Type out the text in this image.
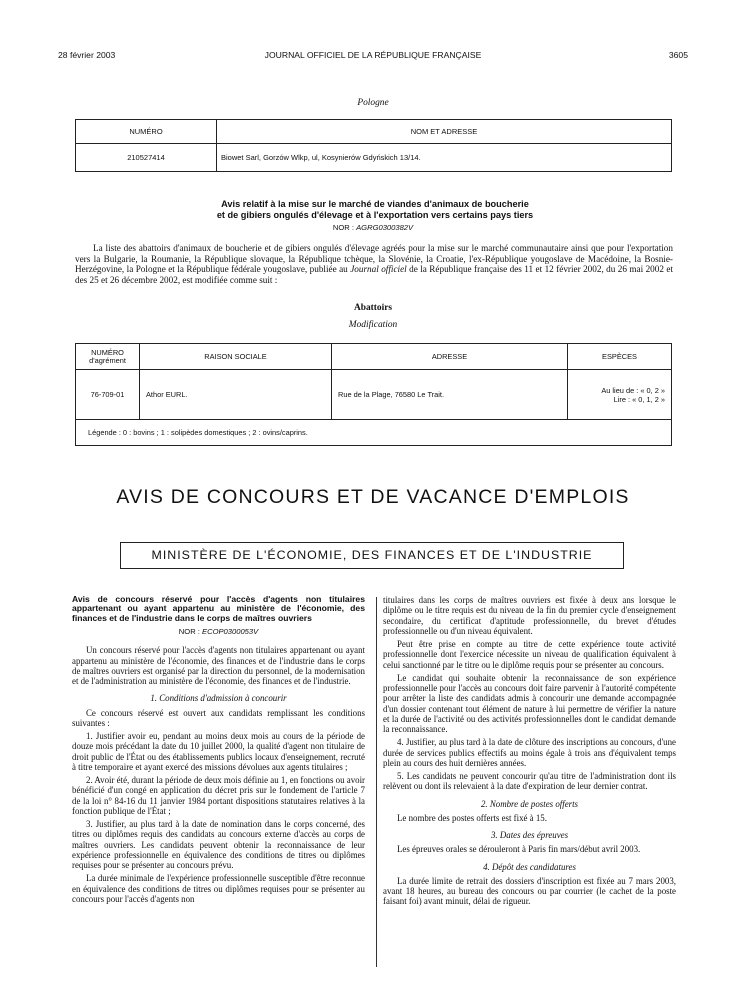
28 février 2003	JOURNAL OFFICIEL DE LA RÉPUBLIQUE FRANÇAISE	3605
Pologne
NUMÉRO	NOM ET ADRESSE
210527414	Biowet Sarl, Gorzów Wlkp, ul, Kosynierów Gdyńskich 13/14.
Avis relatif à la mise sur le marché de viandes d'animaux de boucherie
et de gibiers ongulés d'élevage et à l'exportation vers certains pays tiers
NOR : AGRG0300382V
La liste des abattoirs d'animaux de boucherie et de gibiers ongulés d'élevage agréés pour la mise sur le marché communautaire ainsi que pour l'exportation vers la Bulgarie, la Roumanie, la République slovaque, la République tchèque, la Slovénie, la Croatie, l'ex-République yougoslave de Macédoine, la Bosnie-Herzégovine, la Pologne et la République fédérale yougoslave, publiée au Journal officiel de la République française des 11 et 12 février 2002, du 26 mai 2002 et des 25 et 26 décembre 2002, est modifiée comme suit :
Abattoirs
Modification
NUMÉRO
d'agrément	RAISON SOCIALE	ADRESSE	ESPÈCES
76-709-01	Athor EURL.	Rue de la Plage, 76580 Le Trait.	Au lieu de : « 0, 2 »
Lire : « 0, 1, 2 »

Légende : 0 : bovins ; 1 : solipèdes domestiques ; 2 : ovins/caprins.			
AVIS DE CONCOURS ET DE VACANCE D'EMPLOIS
MINISTÈRE DE L'ÉCONOMIE, DES FINANCES ET DE L'INDUSTRIE

Avis de concours réservé pour l'accès d'agents non titulaires appartenant ou ayant appartenu au ministère de l'économie, des finances et de l'industrie dans le corps de maîtres ouvriers

NOR : ECOP0300053V

Un concours réservé pour l'accès d'agents non titulaires appartenant ou ayant appartenu au ministère de l'économie, des finances et de l'industrie dans le corps de maîtres ouvriers est organisé par la direction du personnel, de la modernisation et de l'administration au ministère de l'économie, des finances et de l'industrie.

1. Conditions d'admission à concourir

Ce concours réservé est ouvert aux candidats remplissant les conditions suivantes :

1. Justifier avoir eu, pendant au moins deux mois au cours de la période de douze mois précédant la date du 10 juillet 2000, la qualité d'agent non titulaire de droit public de l'État ou des établissements publics locaux d'enseignement, recruté à titre temporaire et ayant exercé des missions dévolues aux agents titulaires ;

2. Avoir été, durant la période de deux mois définie au 1, en fonctions ou avoir bénéficié d'un congé en application du décret pris sur le fondement de l'article 7 de la loi n° 84-16 du 11 janvier 1984 portant dispositions statutaires relatives à la fonction publique de l'État ;

3. Justifier, au plus tard à la date de nomination dans le corps concerné, des titres ou diplômes requis des candidats au concours externe d'accès au corps de maîtres ouvriers. Les candidats peuvent obtenir la reconnaissance de leur expérience professionnelle en équivalence des conditions de titres ou diplômes requises pour se présenter au concours prévu.

La durée minimale de l'expérience professionnelle susceptible d'être reconnue en équivalence des conditions de titres ou diplômes requises pour se présenter au concours pour l'accès d'agents non

titulaires dans les corps de maîtres ouvriers est fixée à deux ans lorsque le diplôme ou le titre requis est du niveau de la fin du premier cycle d'enseignement secondaire, du certificat d'aptitude professionnelle, du brevet d'études professionnelle ou d'un niveau équivalent.

Peut être prise en compte au titre de cette expérience toute activité professionnelle dont l'exercice nécessite un niveau de qualification équivalent à celui sanctionné par le titre ou le diplôme requis pour se présenter au concours.

Le candidat qui souhaite obtenir la reconnaissance de son expérience professionnelle pour l'accès au concours doit faire parvenir à l'autorité compétente pour arrêter la liste des candidats admis à concourir une demande accompagnée d'un dossier contenant tout élément de nature à lui permettre de vérifier la nature et la durée de l'activité ou des activités professionnelles dont le candidat demande la reconnaissance.

4. Justifier, au plus tard à la date de clôture des inscriptions au concours, d'une durée de services publics effectifs au moins égale à trois ans d'équivalent temps plein au cours des huit dernières années.

5. Les candidats ne peuvent concourir qu'au titre de l'administration dont ils relèvent ou dont ils relevaient à la date d'expiration de leur dernier contrat.

2. Nombre de postes offerts

Le nombre des postes offerts est fixé à 15.

3. Dates des épreuves

Les épreuves orales se dérouleront à Paris fin mars/début avril 2003.

4. Dépôt des candidatures

La durée limite de retrait des dossiers d'inscription est fixée au 7 mars 2003, avant 18 heures, au bureau des concours ou par courrier (le cachet de la poste faisant foi) avant minuit, délai de rigueur.
